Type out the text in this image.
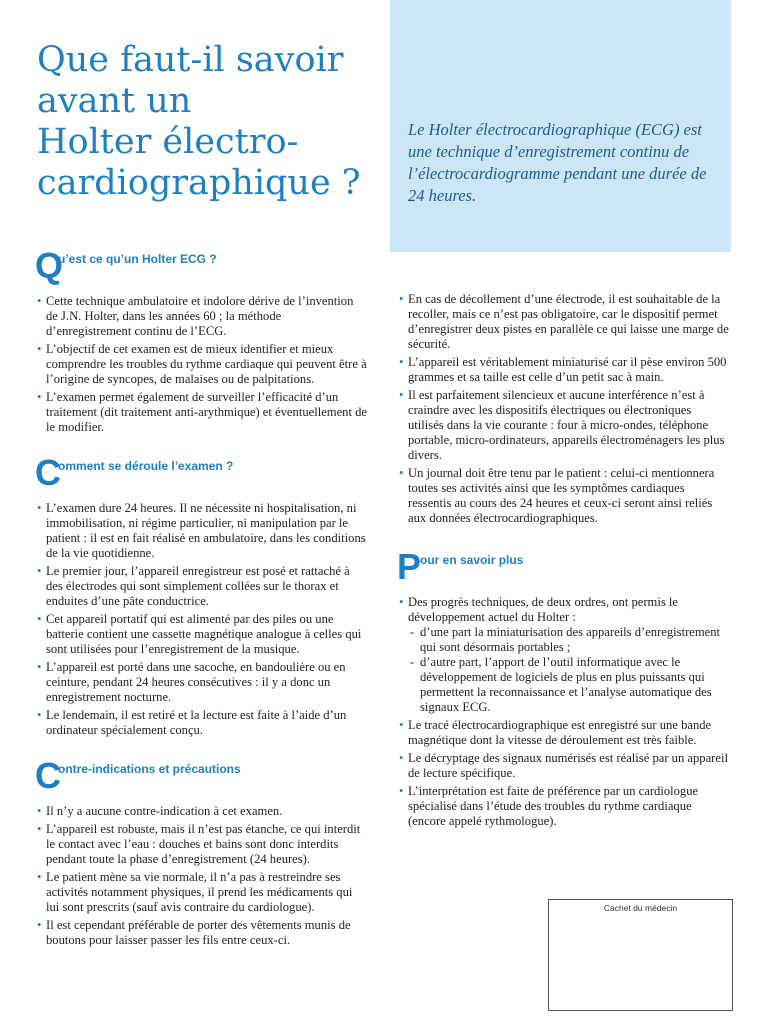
Que faut-il savoir
avant un
Holter électro-
cardiographique ?

Le Holter électrocardiographique (ECG) est une technique d’enregistrement continu de l’électrocardiogramme pendant une durée de 24 heures.

Q
u’est ce qu’un Holter ECG ?
• Cette technique ambulatoire et indolore dérive de l’invention de J.N. Holter, dans les années 60 ; la méthode d’enregistrement continu de l’ECG.
• L’objectif de cet examen est de mieux identifier et mieux comprendre les troubles du rythme cardiaque qui peuvent être à l’origine de syncopes, de malaises ou de palpitations.
• L’examen permet également de surveiller l’efficacité d’un traitement (dit traitement anti-arythmique) et éventuellement de le modifier.
C
omment se déroule l’examen ?
• L’examen dure 24 heures. Il ne nécessite ni hospitalisation, ni immobilisation, ni régime particulier, ni manipulation par le patient : il est en fait réalisé en ambulatoire, dans les conditions de la vie quotidienne.
• Le premier jour, l’appareil enregistreur est posé et rattaché à des électrodes qui sont simplement collées sur le thorax et enduites d’une pâte conductrice.
• Cet appareil portatif qui est alimenté par des piles ou une batterie contient une cassette magnétique analogue à celles qui sont utilisées pour l’enregistrement de la musique.
• L’appareil est porté dans une sacoche, en bandoulière ou en ceinture, pendant 24 heures consécutives : il y a donc un enregistrement nocturne.
• Le lendemain, il est retiré et la lecture est faite à l’aide d’un ordinateur spécialement conçu.
C
ontre-indications et précautions
• Il n’y a aucune contre-indication à cet examen.
• L’appareil est robuste, mais il n’est pas étanche, ce qui interdit le contact avec l’eau : douches et bains sont donc interdits pendant toute la phase d’enregistrement (24 heures).
• Le patient mène sa vie normale, il n’a pas à restreindre ses activités notamment physiques, il prend les médicaments qui lui sont prescrits (sauf avis contraire du cardiologue).
• Il est cependant préférable de porter des vêtements munis de boutons pour laisser passer les fils entre ceux-ci.
• En cas de décollement d’une électrode, il est souhaitable de la recoller, mais ce n’est pas obligatoire, car le dispositif permet d’enregistrer deux pistes en parallèle ce qui laisse une marge de sécurité.
• L’appareil est véritablement miniaturisé car il pèse environ 500 grammes et sa taille est celle d’un petit sac à main.
• Il est parfaitement silencieux et aucune interférence n’est à craindre avec les dispositifs électriques ou électroniques utilisés dans la vie courante : four à micro-ondes, téléphone portable, micro-ordinateurs, appareils électroménagers les plus divers.
• Un journal doit être tenu par le patient : celui-ci mentionnera toutes ses activités ainsi que les symptômes cardiaques ressentis au cours des 24 heures et ceux-ci seront ainsi reliés aux données électrocardiographiques.
P
our en savoir plus
• Des progrès techniques, de deux ordres, ont permis le développement actuel du Holter :
- d’une part la miniaturisation des appareils d’enregistrement qui sont désormais portables ;
- d’autre part, l’apport de l’outil informatique avec le développement de logiciels de plus en plus puissants qui permettent la reconnaissance et l’analyse automatique des signaux ECG.
• Le tracé électrocardiographique est enregistré sur une bande magnétique dont la vitesse de déroulement est très faible.
• Le décryptage des signaux numérisés est réalisé par un appareil de lecture spécifique.
• L’interprétation est faite de préférence par un cardiologue spécialisé dans l’étude des troubles du rythme cardiaque (encore appelé rythmologue).
Cachet du médecin
